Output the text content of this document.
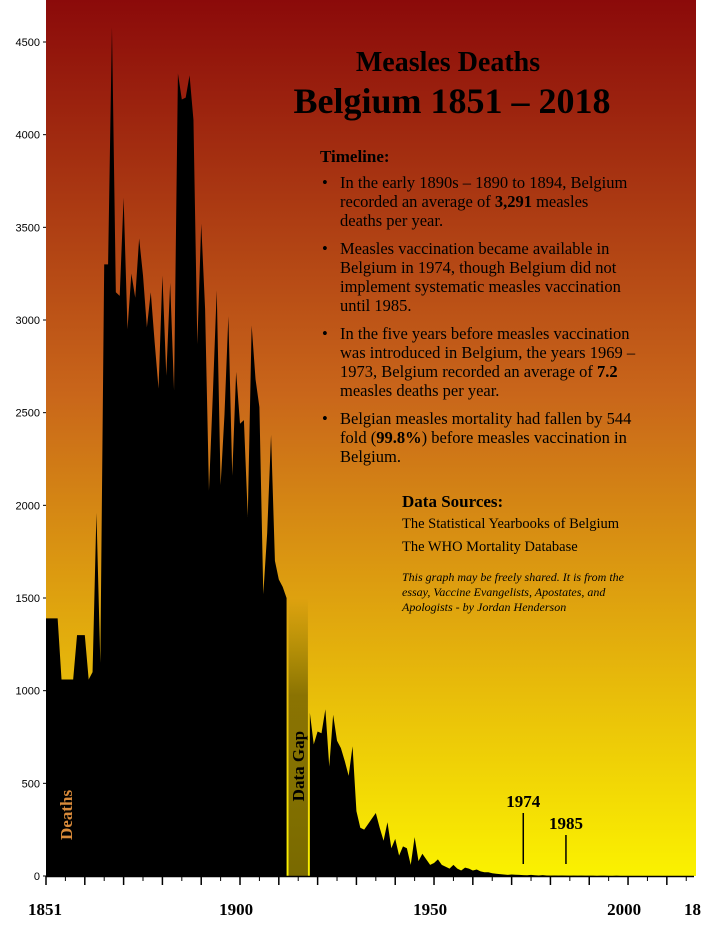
Data Gap
Deaths
0
500
1000
1500
2000
2500
3000
3500
4000
4500
1851	1900	1950	2000	18
1974
1985
Measles Deaths
Belgium 1851 – 2018
Timeline:
• In the early 1890s – 1890 to 1894, Belgium
recorded an average of 3,291 measles
deaths per year.
• Measles vaccination became available in
Belgium in 1974, though Belgium did not
implement systematic measles vaccination
until 1985.
• In the five years before measles vaccination
was introduced in Belgium, the years 1969 –
1973, Belgium recorded an average of 7.2
measles deaths per year.
• Belgian measles mortality had fallen by 544
fold (99.8%) before measles vaccination in
Belgium.
Data Sources:
The Statistical Yearbooks of Belgium
The WHO Mortality Database
This graph may be freely shared. It is from the
essay, Vaccine Evangelists, Apostates, and
Apologists - by Jordan Henderson
